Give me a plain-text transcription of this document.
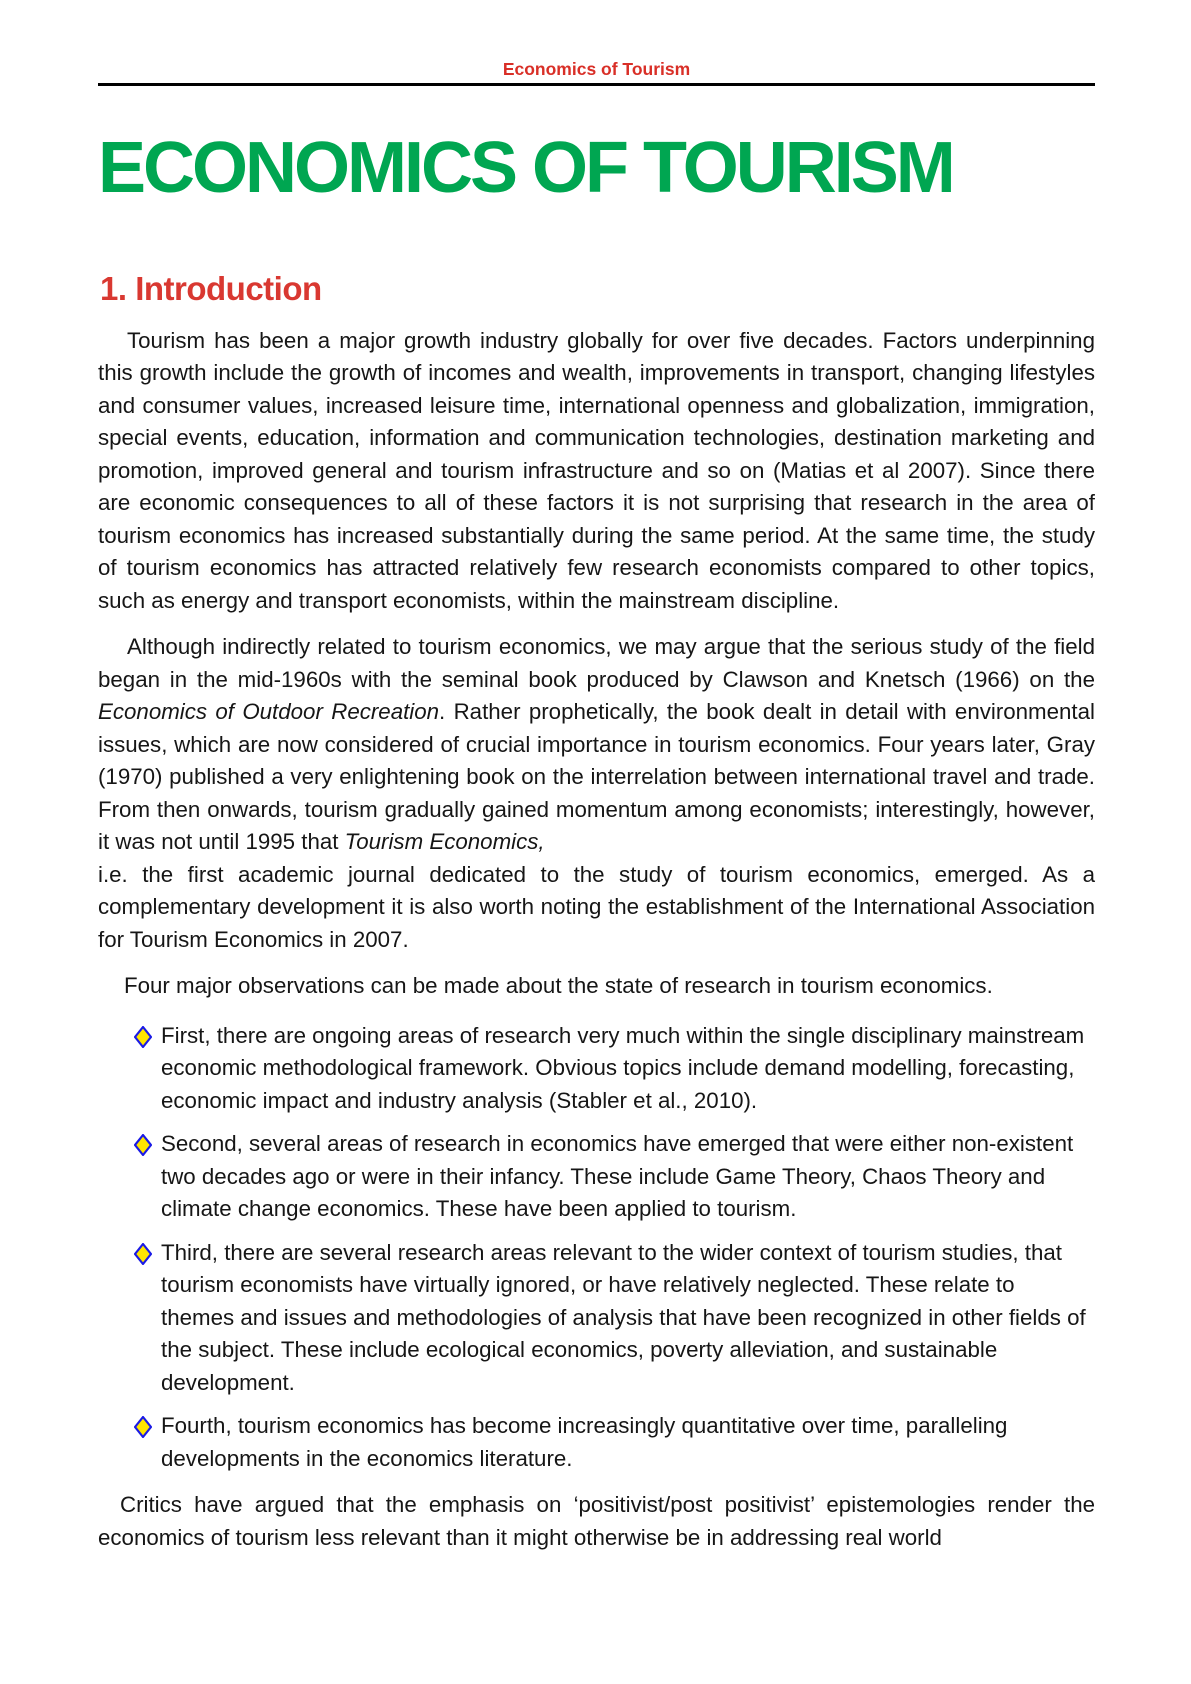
Economics of Tourism
ECONOMICS OF TOURISM
1. Introduction

Tourism has been a major growth industry globally for over five decades. Factors underpinning this growth include the growth of incomes and wealth, improvements in transport, changing lifestyles and consumer values, increased leisure time, international openness and globalization, immigration, special events, education, information and communication technologies, destination marketing and promotion, improved general and tourism infrastructure and so on (Matias et al 2007). Since there are economic consequences to all of these factors it is not surprising that research in the area of tourism economics has increased substantially during the same period. At the same time, the study of tourism economics has attracted relatively few research economists compared to other topics, such as energy and transport economists, within the mainstream discipline.

Although indirectly related to tourism economics, we may argue that the serious study of the field began in the mid-1960s with the seminal book produced by Clawson and Knetsch (1966) on the Economics of Outdoor Recreation. Rather prophetically, the book dealt in detail with environmental issues, which are now considered of crucial importance in tourism economics. Four years later, Gray (1970) published a very enlightening book on the interrelation between international travel and trade. From then onwards, tourism gradually gained momentum among economists; interestingly, however, it was not until 1995 that Tourism Economics,
i.e. the first academic journal dedicated to the study of tourism economics, emerged. As a complementary development it is also worth noting the establishment of the International Association for Tourism Economics in 2007.

Four major observations can be made about the state of research in tourism economics.

First, there are ongoing areas of research very much within the single disciplinary mainstream economic methodological framework. Obvious topics include demand modelling, forecasting, economic impact and industry analysis (Stabler et al., 2010).
Second, several areas of research in economics have emerged that were either non-existent two decades ago or were in their infancy. These include Game Theory, Chaos Theory and climate change economics. These have been applied to tourism.
Third, there are several research areas relevant to the wider context of tourism studies, that tourism economists have virtually ignored, or have relatively neglected. These relate to themes and issues and methodologies of analysis that have been recognized in other fields of the subject. These include ecological economics, poverty alleviation, and sustainable development.
Fourth, tourism economics has become increasingly quantitative over time, paralleling developments in the economics literature.

Critics have argued that the emphasis on ‘positivist/post positivist’ epistemologies render the economics of tourism less relevant than it might otherwise be in addressing real world
